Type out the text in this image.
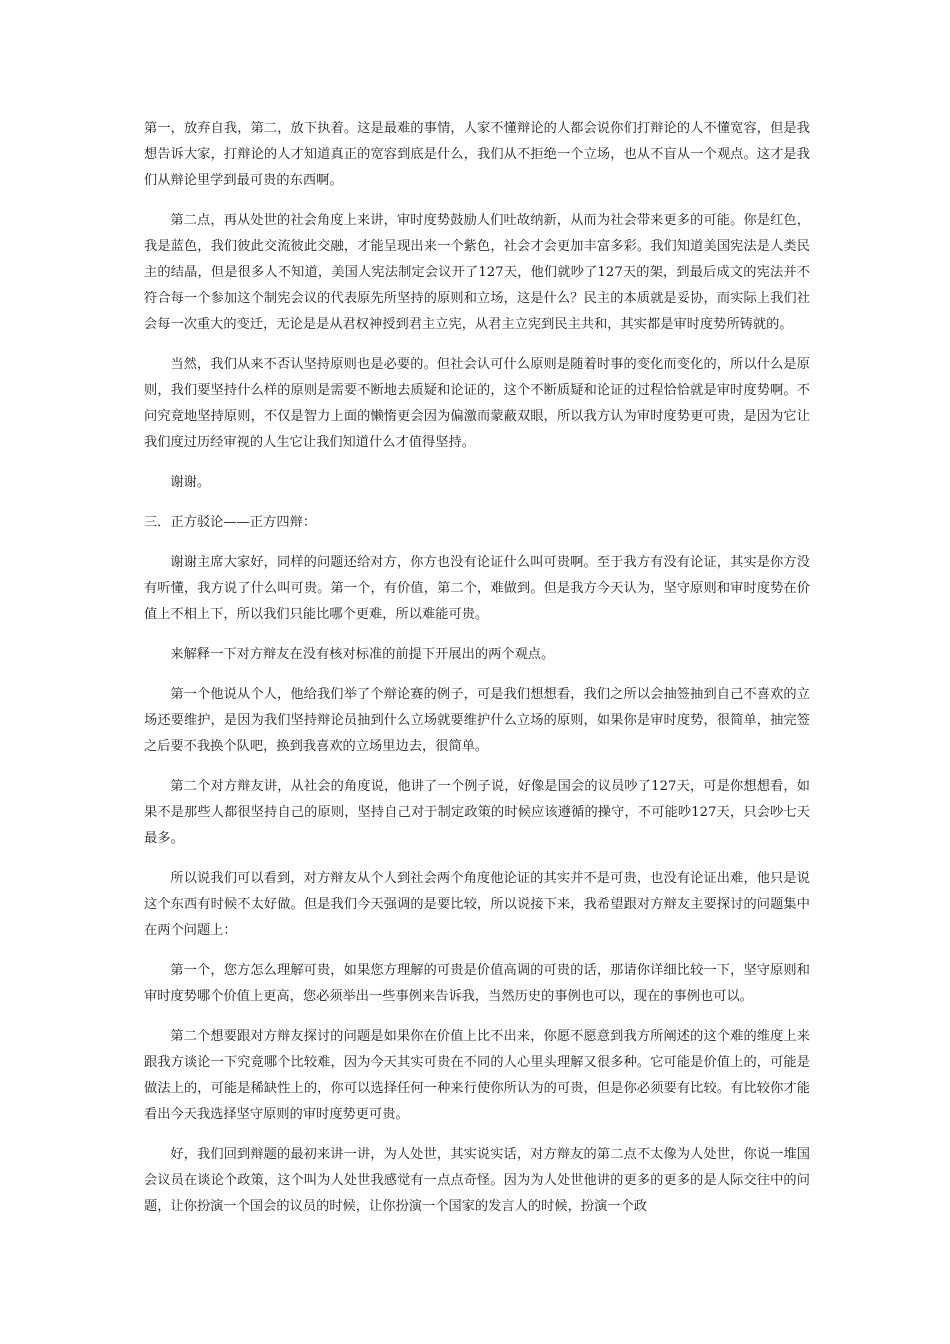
第一，放弃自我，第二，放下执着。这是最难的事情，人家不懂辩论的人都会说你们打辩论的人不懂宽容，但是我想告诉大家，打辩论的人才知道真正的宽容到底是什么，我们从不拒绝一个立场，也从不盲从一个观点。这才是我们从辩论里学到最可贵的东西啊。

第二点，再从处世的社会角度上来讲，审时度势鼓励人们吐故纳新，从而为社会带来更多的可能。你是红色，我是蓝色，我们彼此交流彼此交融，才能呈现出来一个紫色，社会才会更加丰富多彩。我们知道美国宪法是人类民主的结晶，但是很多人不知道，美国人宪法制定会议开了127天，他们就吵了127天的架，到最后成文的宪法并不符合每一个参加这个制宪会议的代表原先所坚持的原则和立场，这是什么？民主的本质就是妥协，而实际上我们社会每一次重大的变迁，无论是是从君权神授到君主立宪，从君主立宪到民主共和，其实都是审时度势所铸就的。

当然，我们从来不否认坚持原则也是必要的。但社会认可什么原则是随着时事的变化而变化的，所以什么是原则，我们要坚持什么样的原则是需要不断地去质疑和论证的，这个不断质疑和论证的过程恰恰就是审时度势啊。不问究竟地坚持原则，不仅是智力上面的懒惰更会因为偏激而蒙蔽双眼，所以我方认为审时度势更可贵，是因为它让我们度过历经审视的人生它让我们知道什么才值得坚持。

谢谢。

三．正方驳论——正方四辩：

谢谢主席大家好，同样的问题还给对方，你方也没有论证什么叫可贵啊。至于我方有没有论证，其实是你方没有听懂，我方说了什么叫可贵。第一个，有价值，第二个，难做到。但是我方今天认为，坚守原则和审时度势在价值上不相上下，所以我们只能比哪个更难，所以难能可贵。

来解释一下对方辩友在没有核对标准的前提下开展出的两个观点。

第一个他说从个人，他给我们举了个辩论赛的例子，可是我们想想看，我们之所以会抽签抽到自己不喜欢的立场还要维护，是因为我们坚持辩论员抽到什么立场就要维护什么立场的原则，如果你是审时度势，很简单，抽完签之后要不我换个队吧，换到我喜欢的立场里边去，很简单。

第二个对方辩友讲，从社会的角度说，他讲了一个例子说，好像是国会的议员吵了127天，可是你想想看，如果不是那些人都很坚持自己的原则，坚持自己对于制定政策的时候应该遵循的操守，不可能吵127天，只会吵七天最多。

所以说我们可以看到，对方辩友从个人到社会两个角度他论证的其实并不是可贵，也没有论证出难，他只是说这个东西有时候不太好做。但是我们今天强调的是要比较，所以说接下来，我希望跟对方辩友主要探讨的问题集中在两个问题上：

第一个，您方怎么理解可贵，如果您方理解的可贵是价值高调的可贵的话，那请你详细比较一下，坚守原则和审时度势哪个价值上更高，您必须举出一些事例来告诉我，当然历史的事例也可以，现在的事例也可以。

第二个想要跟对方辩友探讨的问题是如果你在价值上比不出来，你愿不愿意到我方所阐述的这个难的维度上来跟我方谈论一下究竟哪个比较难，因为今天其实可贵在不同的人心里头理解又很多种。它可能是价值上的，可能是做法上的，可能是稀缺性上的，你可以选择任何一种来行使你所认为的可贵，但是你必须要有比较。有比较你才能看出今天我选择坚守原则的审时度势更可贵。

好，我们回到辩题的最初来讲一讲，为人处世，其实说实话，对方辩友的第二点不太像为人处世，你说一堆国会议员在谈论个政策，这个叫为人处世我感觉有一点点奇怪。因为为人处世他讲的更多的更多的是人际交往中的问题，让你扮演一个国会的议员的时候，让你扮演一个国家的发言人的时候，扮演一个政
